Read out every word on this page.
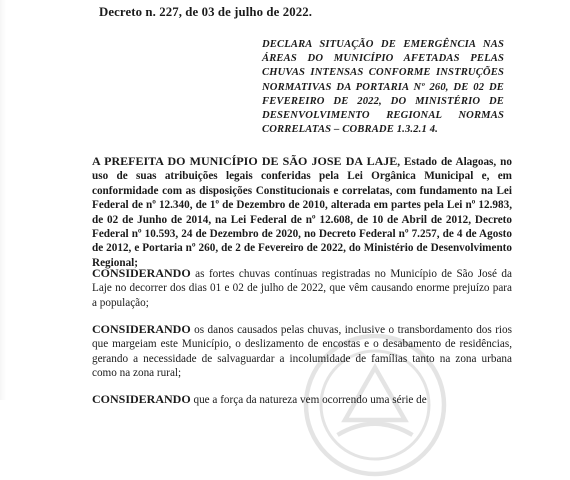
Decreto n. 227, de 03 de julho de 2022.
DECLARA SITUAÇÃO DE EMERGÊNCIA NAS ÁREAS DO MUNICÍPIO AFETADAS PELAS CHUVAS INTENSAS CONFORME INSTRUÇÕES NORMATIVAS DA PORTARIA Nº 260, DE 02 DE FEVEREIRO DE 2022, DO MINISTÉRIO DE DESENVOLVIMENTO REGIONAL NORMAS CORRELATAS – COBRADE 1.3.2.1 4.
A PREFEITA DO MUNICÍPIO DE SÃO JOSE DA LAJE, Estado de Alagoas, no uso de suas atribuições legais conferidas pela Lei Orgânica Municipal e, em conformidade com as disposições Constitucionais e correlatas, com fundamento na Lei Federal de nº 12.340, de 1º de Dezembro de 2010, alterada em partes pela Lei nº 12.983, de 02 de Junho de 2014, na Lei Federal de nº 12.608, de 10 de Abril de 2012, Decreto Federal nº 10.593, 24 de Dezembro de 2020, no Decreto Federal nº 7.257, de 4 de Agosto de 2012, e Portaria nº 260, de 2 de Fevereiro de 2022, do Ministério de Desenvolvimento Regional;
CONSIDERANDO as fortes chuvas contínuas registradas no Município de São José da Laje no decorrer dos dias 01 e 02 de julho de 2022, que vêm causando enorme prejuízo para a população;
CONSIDERANDO os danos causados pelas chuvas, inclusive o transbordamento dos rios que margeiam este Município, o deslizamento de encostas e o desabamento de residências, gerando a necessidade de salvaguardar a incolumidade de famílias tanto na zona urbana como na zona rural;
CONSIDERANDO que a força da natureza vem ocorrendo uma série de
